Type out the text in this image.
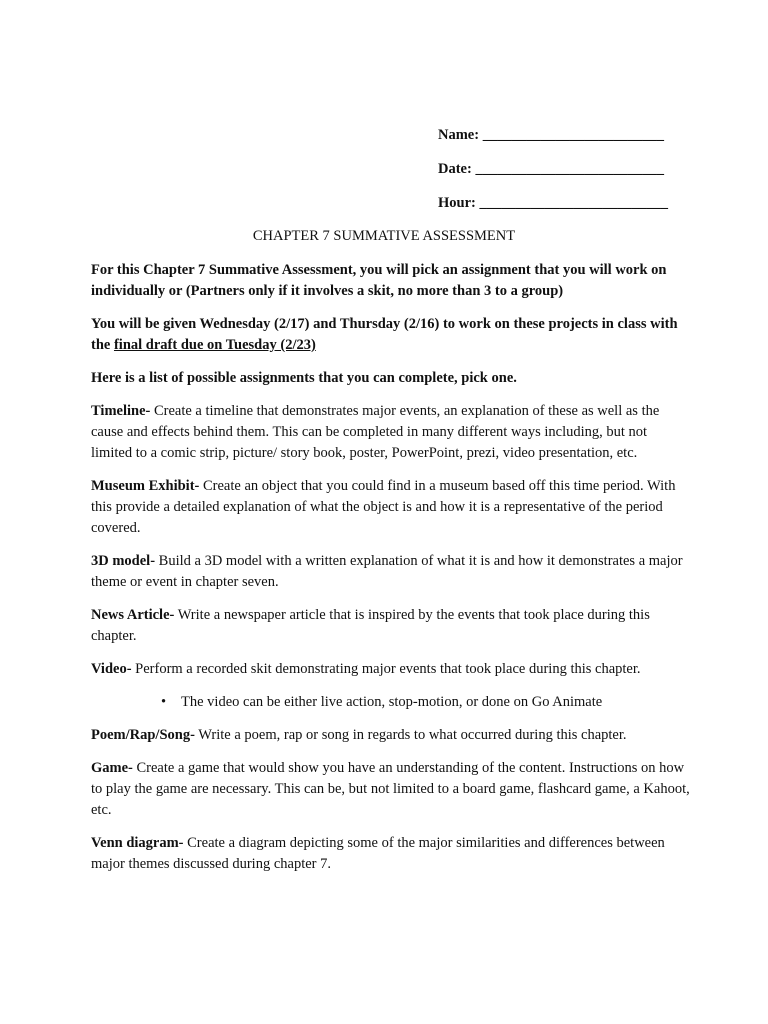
Name: _________________________
Date: __________________________
Hour: __________________________
CHAPTER 7 SUMMATIVE ASSESSMENT

For this Chapter 7 Summative Assessment, you will pick an assignment that you will work on individually or (Partners only if it involves a skit, no more than 3 to a group)

You will be given Wednesday (2/17) and Thursday (2/16) to work on these projects in class with the final draft due on Tuesday (2/23)

Here is a list of possible assignments that you can complete, pick one.

Timeline- Create a timeline that demonstrates major events, an explanation of these as well as the cause and effects behind them. This can be completed in many different ways including, but not limited to a comic strip, picture/ story book, poster, PowerPoint, prezi, video presentation, etc.

Museum Exhibit- Create an object that you could find in a museum based off this time period. With this provide a detailed explanation of what the object is and how it is a representative of the period covered.

3D model- Build a 3D model with a written explanation of what it is and how it demonstrates a major theme or event in chapter seven.

News Article- Write a newspaper article that is inspired by the events that took place during this chapter.

Video- Perform a recorded skit demonstrating major events that took place during this chapter.

• The video can be either live action, stop-motion, or done on Go Animate

Poem/Rap/Song- Write a poem, rap or song in regards to what occurred during this chapter.

Game- Create a game that would show you have an understanding of the content. Instructions on how to play the game are necessary. This can be, but not limited to a board game, flashcard game, a Kahoot, etc.

Venn diagram- Create a diagram depicting some of the major similarities and differences between major themes discussed during chapter 7.
